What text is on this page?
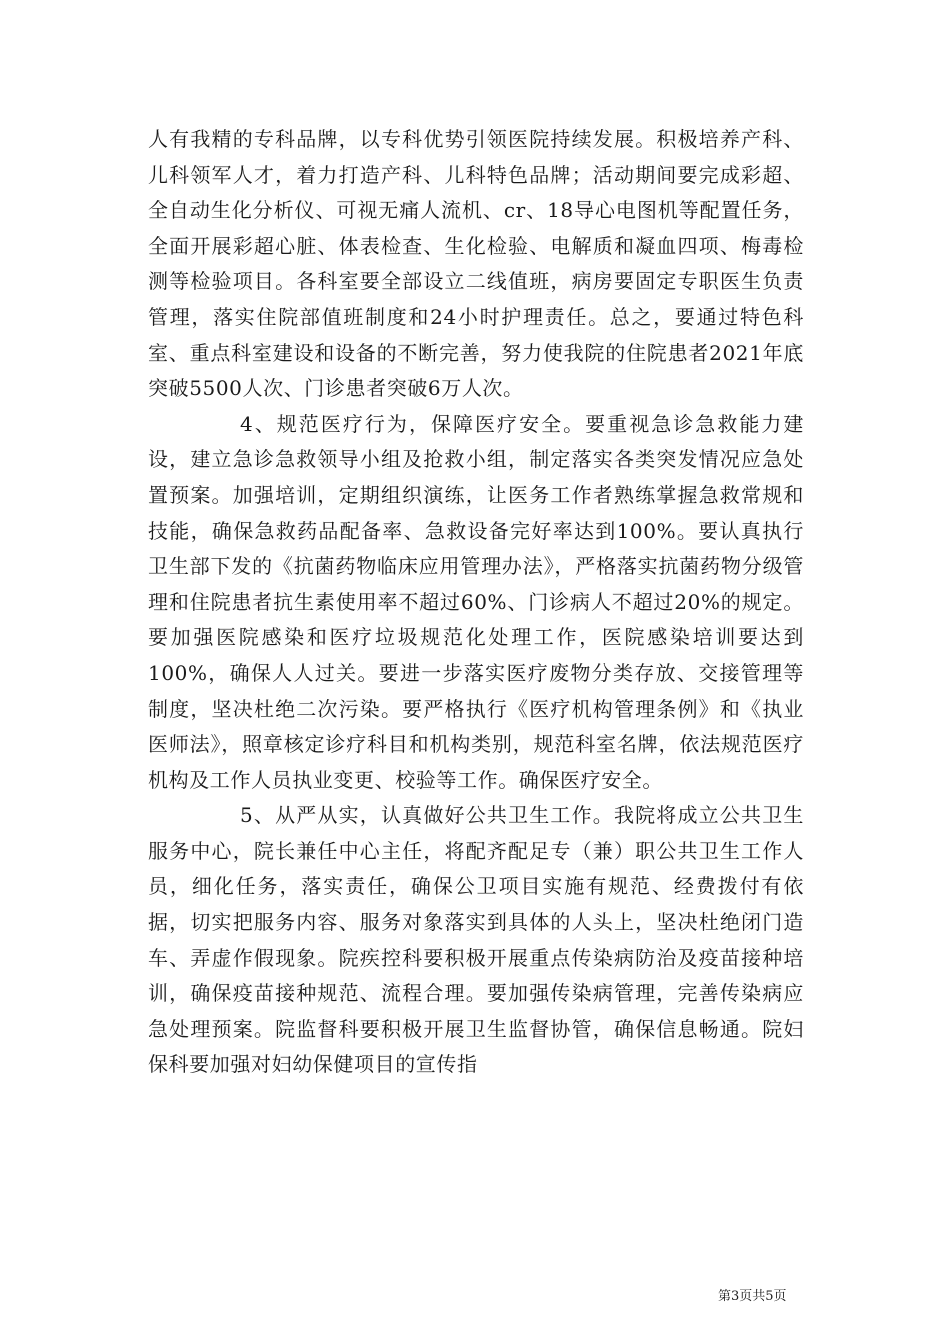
人有我精的专科品牌，以专科优势引领医院持续发展。积极培养产科、儿科领军人才，着力打造产科、儿科特色品牌；活动期间要完成彩超、全自动生化分析仪、可视无痛人流机、cr、18导心电图机等配置任务，全面开展彩超心脏、体表检查、生化检验、电解质和凝血四项、梅毒检测等检验项目。各科室要全部设立二线值班，病房要固定专职医生负责管理，落实住院部值班制度和24小时护理责任。总之，要通过特色科室、重点科室建设和设备的不断完善，努力使我院的住院患者2021年底突破5500人次、门诊患者突破6万人次。

4、规范医疗行为，保障医疗安全。要重视急诊急救能力建设，建立急诊急救领导小组及抢救小组，制定落实各类突发情况应急处置预案。加强培训，定期组织演练，让医务工作者熟练掌握急救常规和技能，确保急救药品配备率、急救设备完好率达到100%。要认真执行卫生部下发的《抗菌药物临床应用管理办法》，严格落实抗菌药物分级管理和住院患者抗生素使用率不超过60%、门诊病人不超过20%的规定。要加强医院感染和医疗垃圾规范化处理工作，医院感染培训要达到100%，确保人人过关。要进一步落实医疗废物分类存放、交接管理等制度，坚决杜绝二次污染。要严格执行《医疗机构管理条例》和《执业医师法》，照章核定诊疗科目和机构类别，规范科室名牌，依法规范医疗机构及工作人员执业变更、校验等工作。确保医疗安全。

5、从严从实，认真做好公共卫生工作。我院将成立公共卫生服务中心，院长兼任中心主任，将配齐配足专（兼）职公共卫生工作人员，细化任务，落实责任，确保公卫项目实施有规范、经费拨付有依据，切实把服务内容、服务对象落实到具体的人头上，坚决杜绝闭门造车、弄虚作假现象。院疾控科要积极开展重点传染病防治及疫苗接种培训，确保疫苗接种规范、流程合理。要加强传染病管理，完善传染病应急处理预案。院监督科要积极开展卫生监督协管，确保信息畅通。院妇保科要加强对妇幼保健项目的宣传指

第3页共5页
